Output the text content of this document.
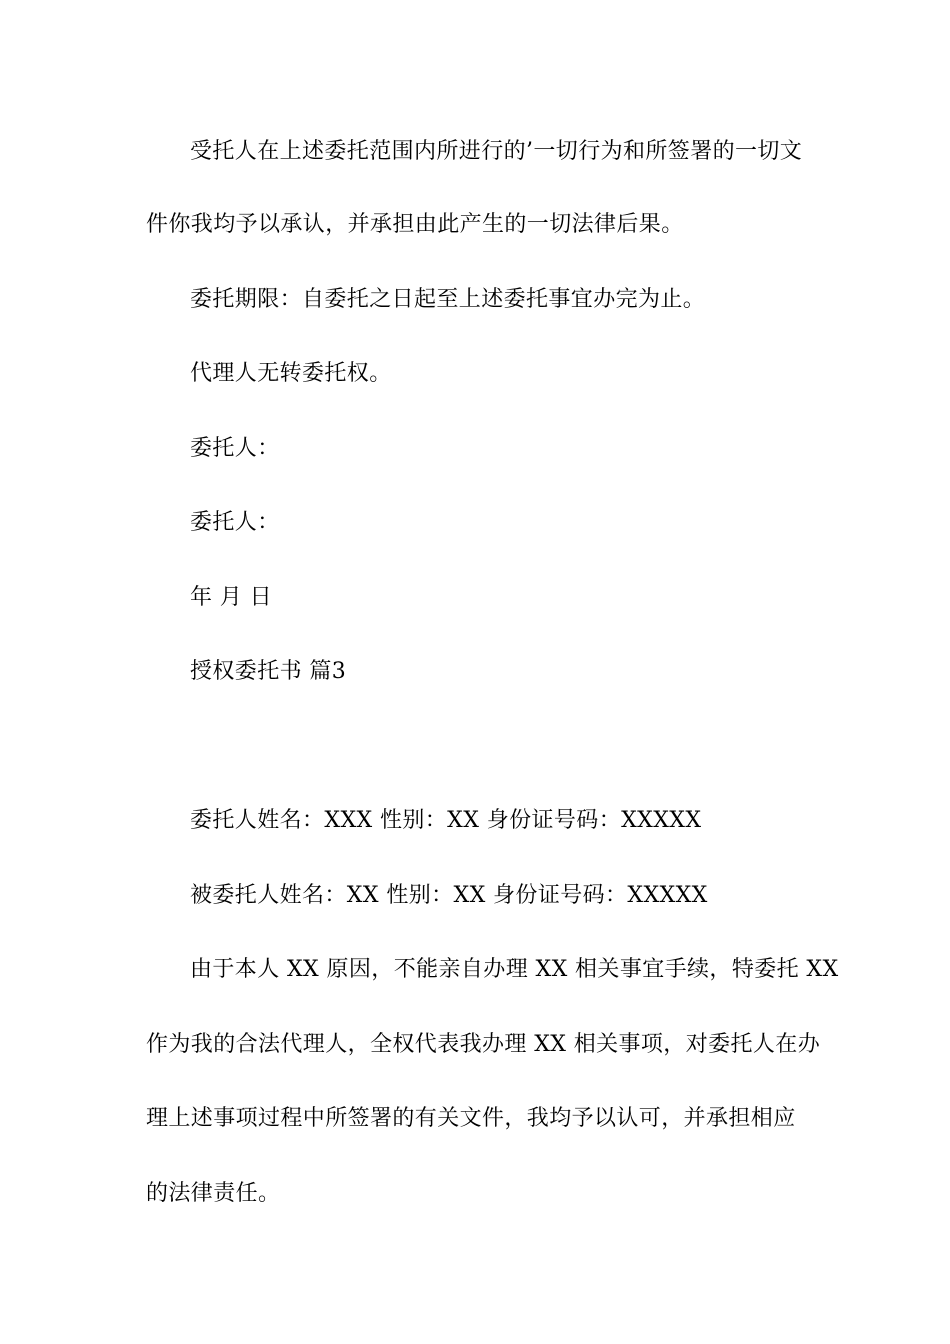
受托人在上述委托范围内所进行的’一切行为和所签署的一切文
件你我均予以承认，并承担由此产生的一切法律后果。
委托期限：自委托之日起至上述委托事宜办完为止。
代理人无转委托权。
委托人：
委托人：
年 月 日
授权委托书 篇3
委托人姓名：XXX 性别：XX 身份证号码：XXXXX
被委托人姓名：XX 性别：XX 身份证号码：XXXXX
由于本人 XX 原因，不能亲自办理 XX 相关事宜手续，特委托 XX
作为我的合法代理人，全权代表我办理 XX 相关事项，对委托人在办
理上述事项过程中所签署的有关文件，我均予以认可，并承担相应
的法律责任。
